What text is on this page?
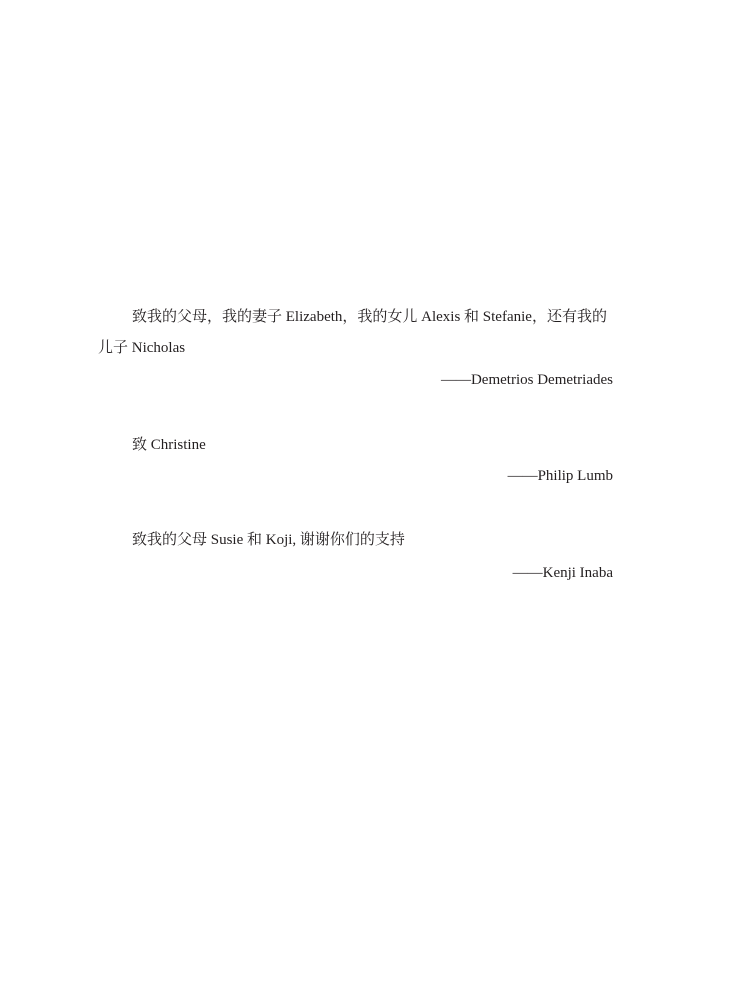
致我的父母，我的妻子 Elizabeth，我的女儿 Alexis 和 Stefanie，还有我的儿子 Nicholas

——Demetrios Demetriades

致 Christine

——Philip Lumb

致我的父母 Susie 和 Koji, 谢谢你们的支持

——Kenji Inaba
